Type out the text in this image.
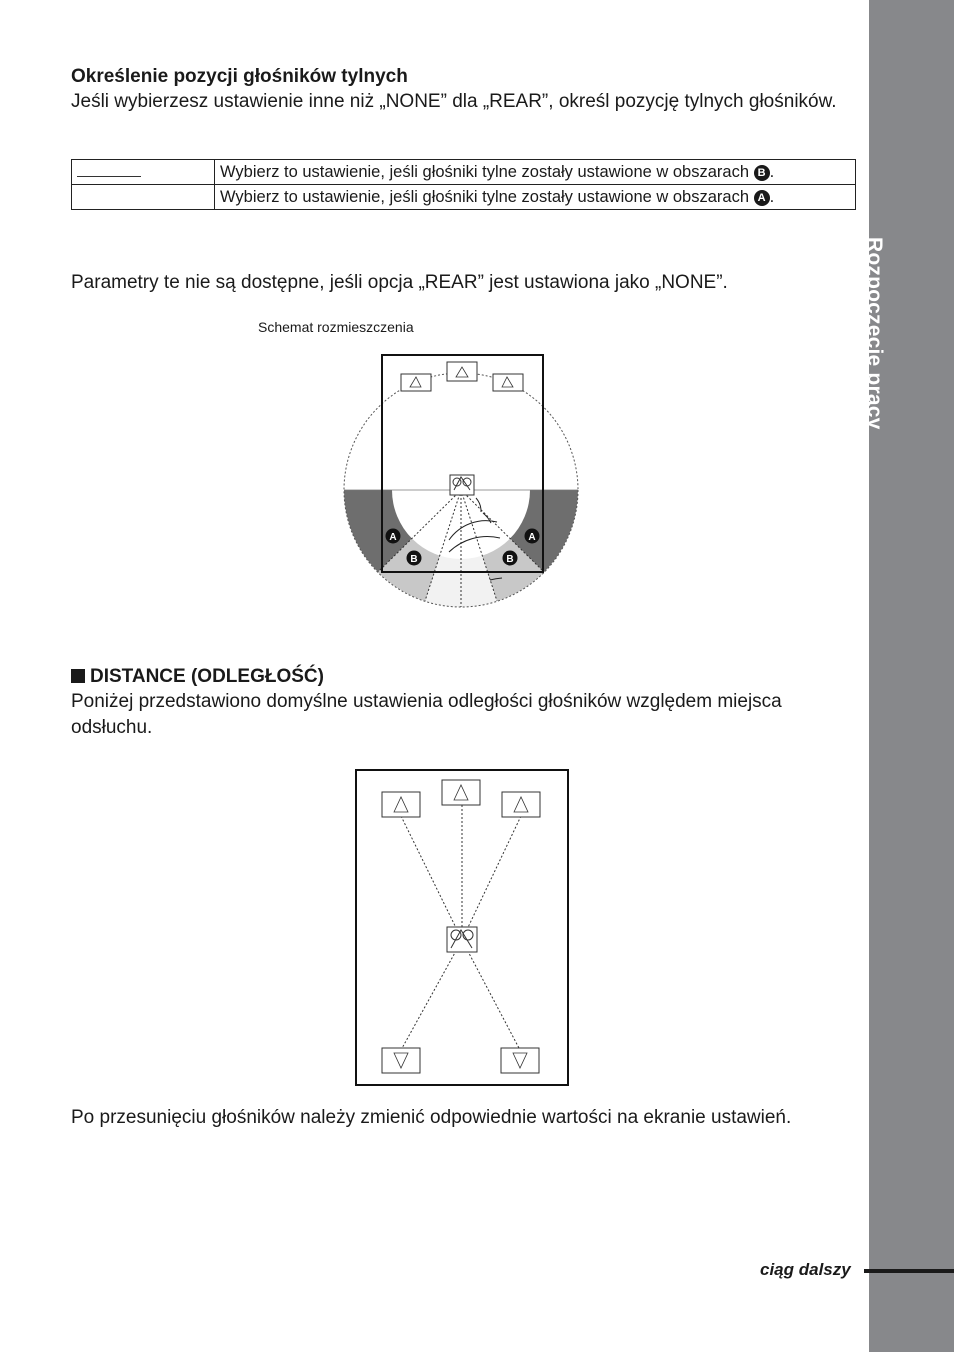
Rozpoczęcie pracy
Określenie pozycji głośników tylnych
Jeśli wybierzesz ustawienie inne niż „NONE” dla „REAR”, określ pozycję tylnych głośników.
	Wybierz to ustawienie, jeśli głośniki tylne zostały ustawione w obszarach B .
	Wybierz to ustawienie, jeśli głośniki tylne zostały ustawione w obszarach A .
Parametry te nie są dostępne, jeśli opcja „REAR” jest ustawiona jako „NONE”.
Schemat rozmieszczenia
A	A
B	B
DISTANCE (ODLEGŁOŚĆ)
Poniżej przedstawiono domyślne ustawienia odległości głośników względem miejsca odsłuchu.
Po przesunięciu głośników należy zmienić odpowiednie wartości na ekranie ustawień.
ciąg dalszy
